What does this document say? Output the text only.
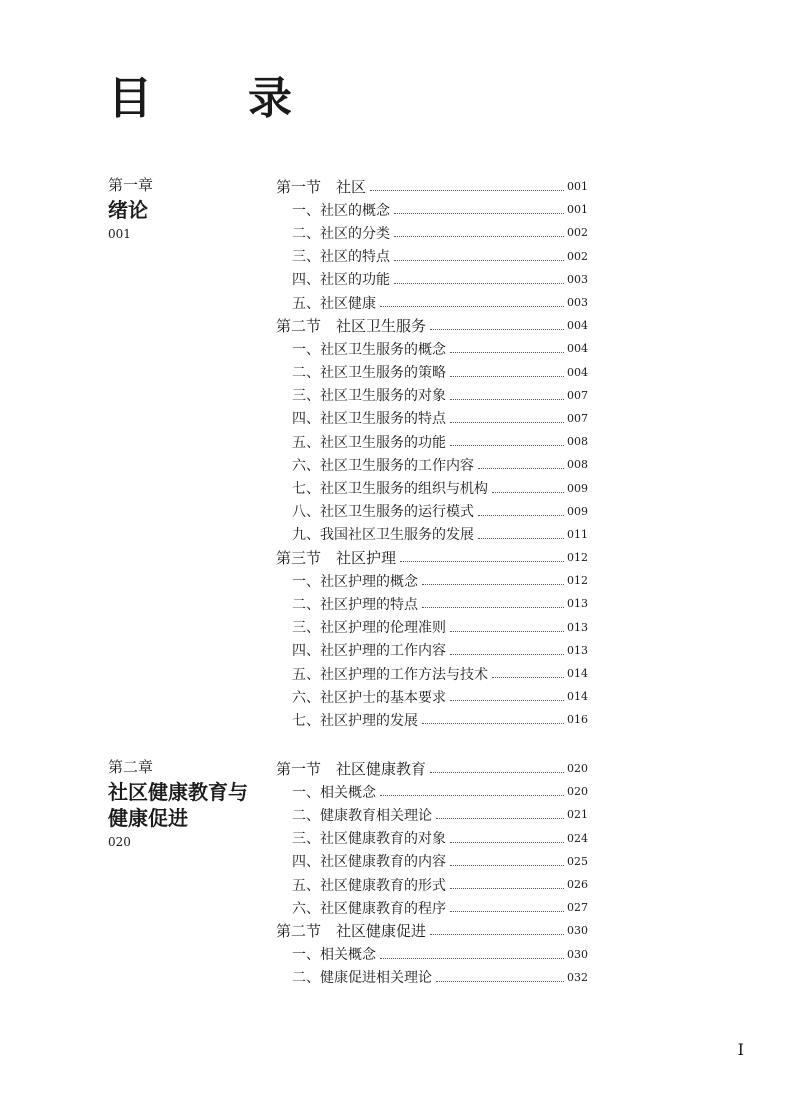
目　录
第一章
绪论
001
第一节　社区	001
一、社区的概念	001
二、社区的分类	002
三、社区的特点	002
四、社区的功能	003
五、社区健康	003
第二节　社区卫生服务	004
一、社区卫生服务的概念	004
二、社区卫生服务的策略	004
三、社区卫生服务的对象	007
四、社区卫生服务的特点	007
五、社区卫生服务的功能	008
六、社区卫生服务的工作内容	008
七、社区卫生服务的组织与机构	009
八、社区卫生服务的运行模式	009
九、我国社区卫生服务的发展	011
第三节　社区护理	012
一、社区护理的概念	012
二、社区护理的特点	013
三、社区护理的伦理准则	013
四、社区护理的工作内容	013
五、社区护理的工作方法与技术	014
六、社区护士的基本要求	014
七、社区护理的发展	016
第二章
社区健康教育与健康促进
020
第一节　社区健康教育	020
一、相关概念	020
二、健康教育相关理论	021
三、社区健康教育的对象	024
四、社区健康教育的内容	025
五、社区健康教育的形式	026
六、社区健康教育的程序	027
第二节　社区健康促进	030
一、相关概念	030
二、健康促进相关理论	032
I
